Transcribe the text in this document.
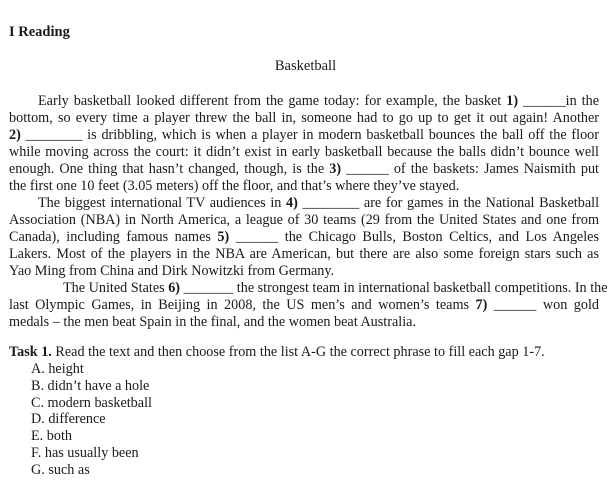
I Reading
Basketball
Early basketball looked different from the game today: for example, the basket 1) ______in the
bottom, so every time a player threw the ball in, someone had to go up to get it out again! Another
2) ________ is dribbling, which is when a player in modern basketball bounces the ball off the floor
while moving across the court: it didn’t exist in early basketball because the balls didn’t bounce well
enough. One thing that hasn’t changed, though, is the 3) ______ of the baskets: James Naismith put
the first one 10 feet (3.05 meters) off the floor, and that’s where they’ve stayed.
The biggest international TV audiences in 4) ________ are for games in the National Basketball
Association (NBA) in North America, a league of 30 teams (29 from the United States and one from
Canada), including famous names 5) ______ the Chicago Bulls, Boston Celtics, and Los Angeles
Lakers. Most of the players in the NBA are American, but there are also some foreign stars such as
Yao Ming from China and Dirk Nowitzki from Germany.
The United States 6) _______ the strongest team in international basketball competitions. In the
last Olympic Games, in Beijing in 2008, the US men’s and women’s teams 7) ______ won gold
medals – the men beat Spain in the final, and the women beat Australia.
Task 1. Read the text and then choose from the list A-G the correct phrase to fill each gap 1-7.
A. height
B. didn’t have a hole
C. modern basketball
D. difference
E. both
F. has usually been
G. such as
